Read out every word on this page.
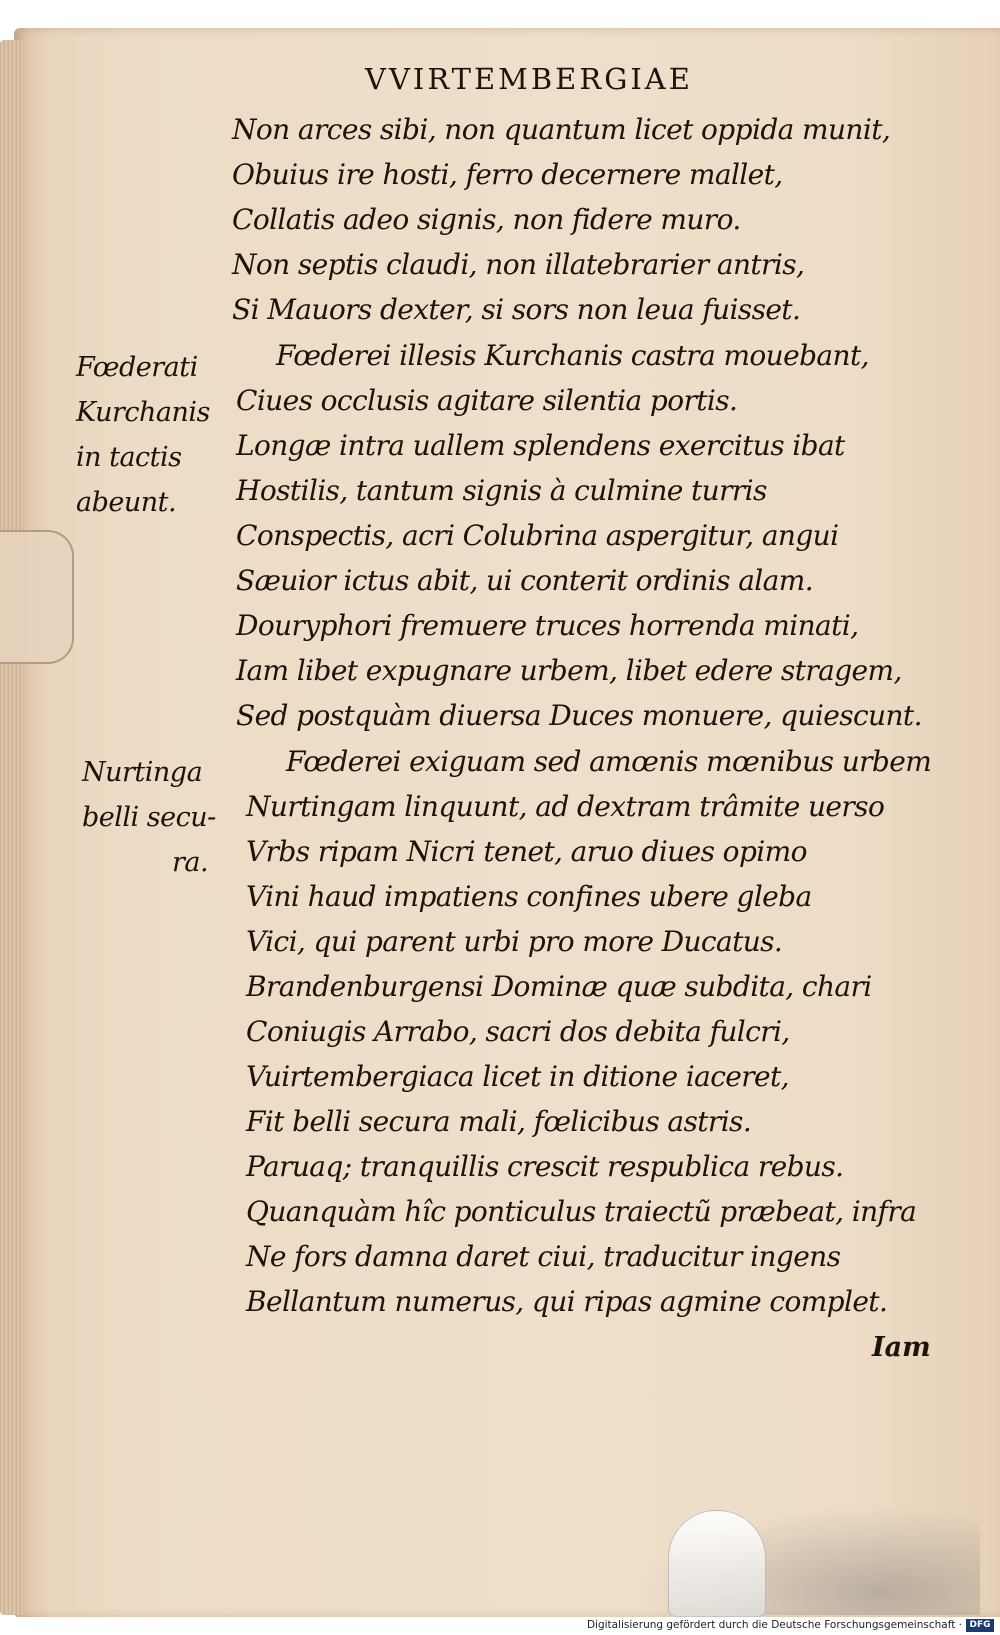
VVIRTEMBERGIAE
Non arces sibi, non quantum licet oppida munit,
Obuius ire hosti, ferro decernere mallet,
Collatis adeo signis, non fidere muro.
Non septis claudi, non illatebrarier antris,
Si Mauors dexter, si sors non leua fuisset.
Fœderei illesis Kurchanis castra mouebant,
Ciues occlusis agitare silentia portis.
Longæ intra uallem splendens exercitus ibat
Hostilis, tantum signis à culmine turris
Conspectis, acri Colubrina aspergitur, angui
Sæuior ictus abit, ui conterit ordinis alam.
Douryphori fremuere truces horrenda minati,
Iam libet expugnare urbem, libet edere stragem,
Sed postquàm diuersa Duces monuere, quiescunt.
Fœderei exiguam sed amœnis mœnibus urbem
Nurtingam linquunt, ad dextram trâmite uerso
Vrbs ripam Nicri tenet, aruo diues opimo
Vini haud impatiens confines ubere gleba
Vici, qui parent urbi pro more Ducatus.
Brandenburgensi Dominæ quæ subdita, chari
Coniugis Arrabo, sacri dos debita fulcri,
Vuirtembergiaca licet in ditione iaceret,
Fit belli secura mali, fœlicibus astris.
Paruaq; tranquillis crescit respublica rebus.
Quanquàm hîc ponticulus traiectũ præbeat, infra
Ne fors damna daret ciui, traducitur ingens
Bellantum numerus, qui ripas agmine complet.
Fœderati
Kurchanis
in tactis
abeunt.
Nurtinga
belli secu-
ra.
Iam
Digitalisierung gefördert durch die Deutsche Forschungsgemeinschaft · DFG
